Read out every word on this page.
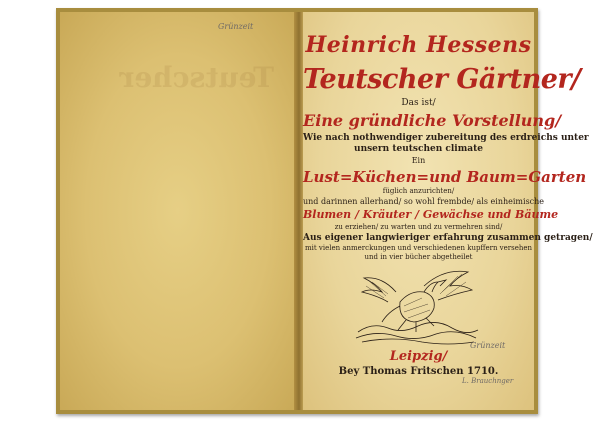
Teutscher
Grünzeit
Heinrich Hessens
Teutscher Gärtner/
Das ist/
Eine gründliche Vorstellung/
Wie nach nothwendiger zubereitung des erdreichs unter
unsern teutschen climate
Ein
Lust=Küchen=und Baum=Garten
füglich anzurichten/
und darinnen allerhand/ so wohl frembde/ als einheimische
Blumen / Kräuter / Gewächse und Bäume
zu erziehen/ zu warten und zu vermehren sind/
Aus eigener langwieriger erfahrung zusammen getragen/
mit vielen anmerckungen und verschiedenen kupffern versehen
und in vier bücher abgetheilet
Leipzig/
Bey Thomas Fritschen 1710.
Grünzeit
L. Brauchnger
